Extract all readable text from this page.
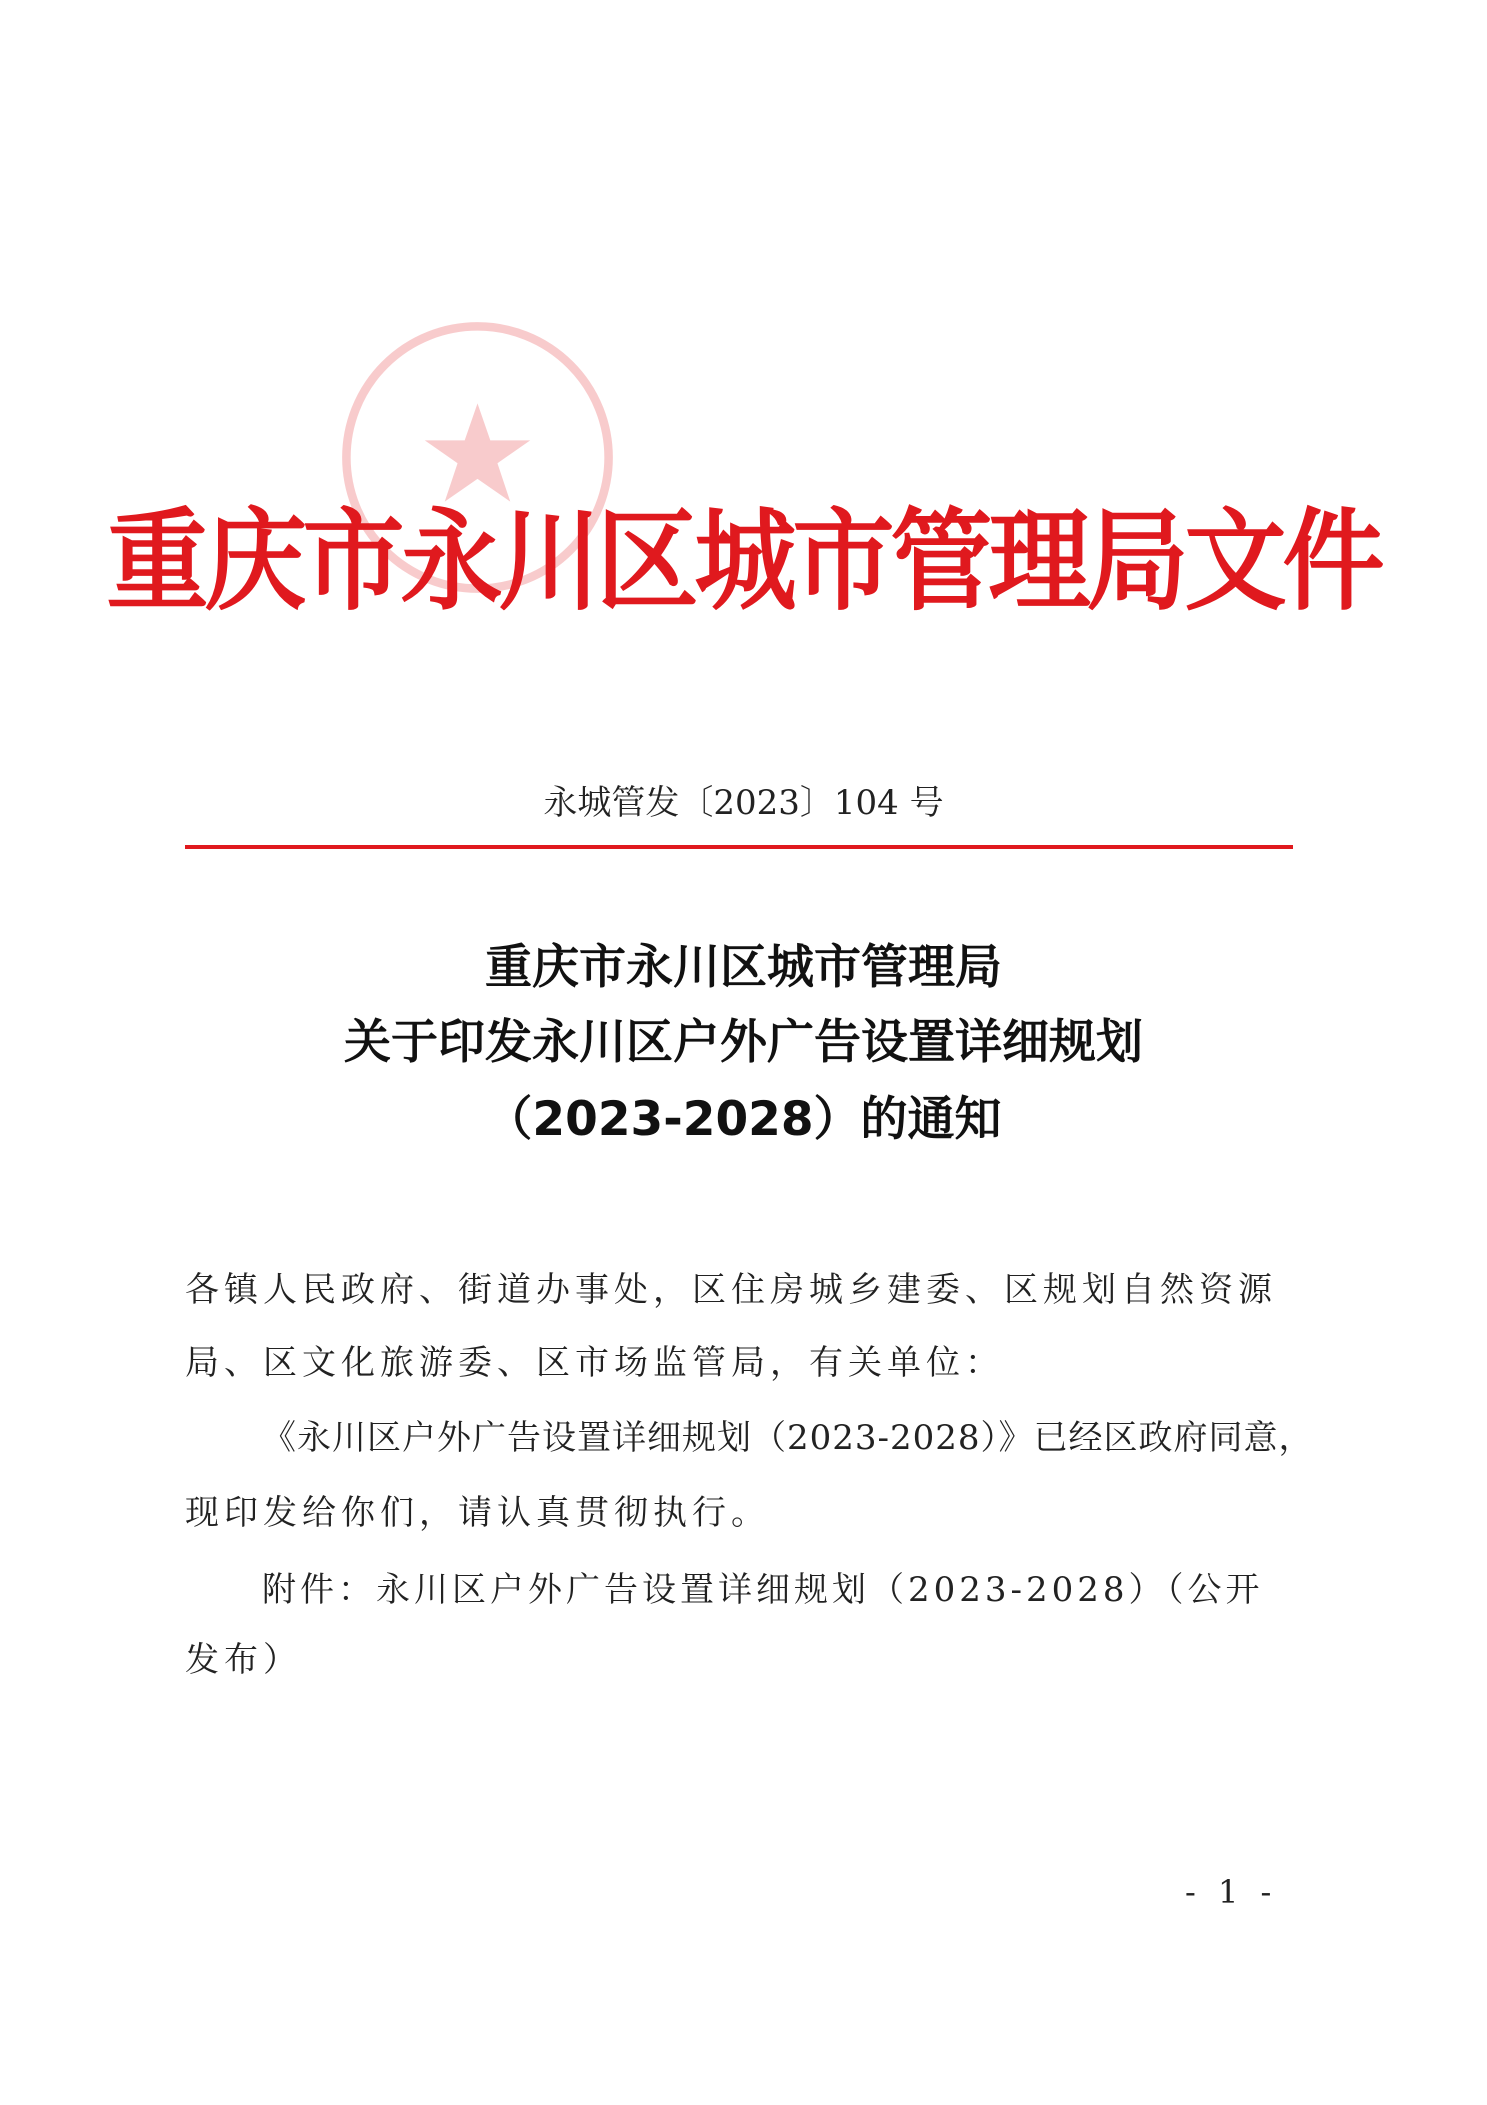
重庆市永川区城市管理局文件
永城管发〔2023〕104 号
重庆市永川区城市管理局
关于印发永川区户外广告设置详细规划
（2023-2028）的通知
各镇人民政府、街道办事处，区住房城乡建委、区规划自然资源
局、区文化旅游委、区市场监管局，有关单位：
《永川区户外广告设置详细规划（2023-2028）》已经区政府同意，
现印发给你们，请认真贯彻执行。
附件：永川区户外广告设置详细规划（2023-2028）（公开
发布）
- 1 -
